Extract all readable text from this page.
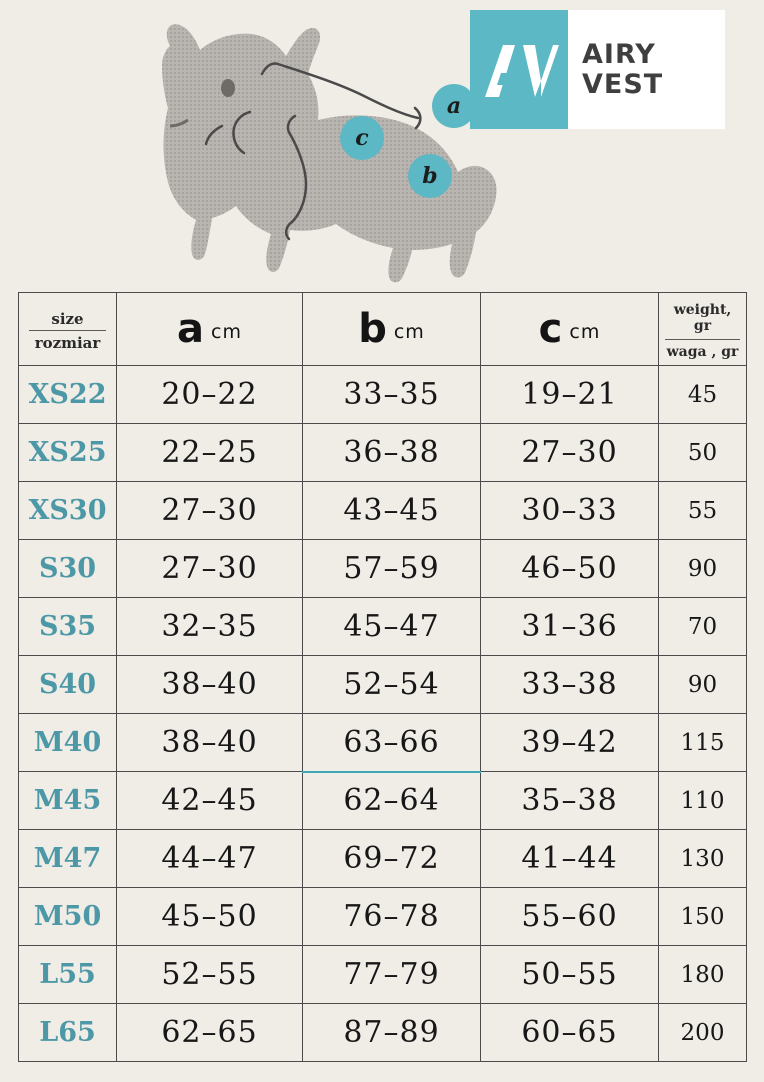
a
b
c
AIRY
VEST
size
rozmiar	a cm	b cm	c cm	weight, gr
waga , gr

XS22	20–22	33–35	19–21	45
XS25	22–25	36–38	27–30	50
XS30	27–30	43–45	30–33	55
S30	27–30	57–59	46–50	90
S35	32–35	45–47	31–36	70
S40	38–40	52–54	33–38	90
M40	38–40	63–66	39–42	115
M45	42–45	62–64	35–38	110
M47	44–47	69–72	41–44	130
M50	45–50	76–78	55–60	150
L55	52–55	77–79	50–55	180
L65	62–65	87–89	60–65	200
